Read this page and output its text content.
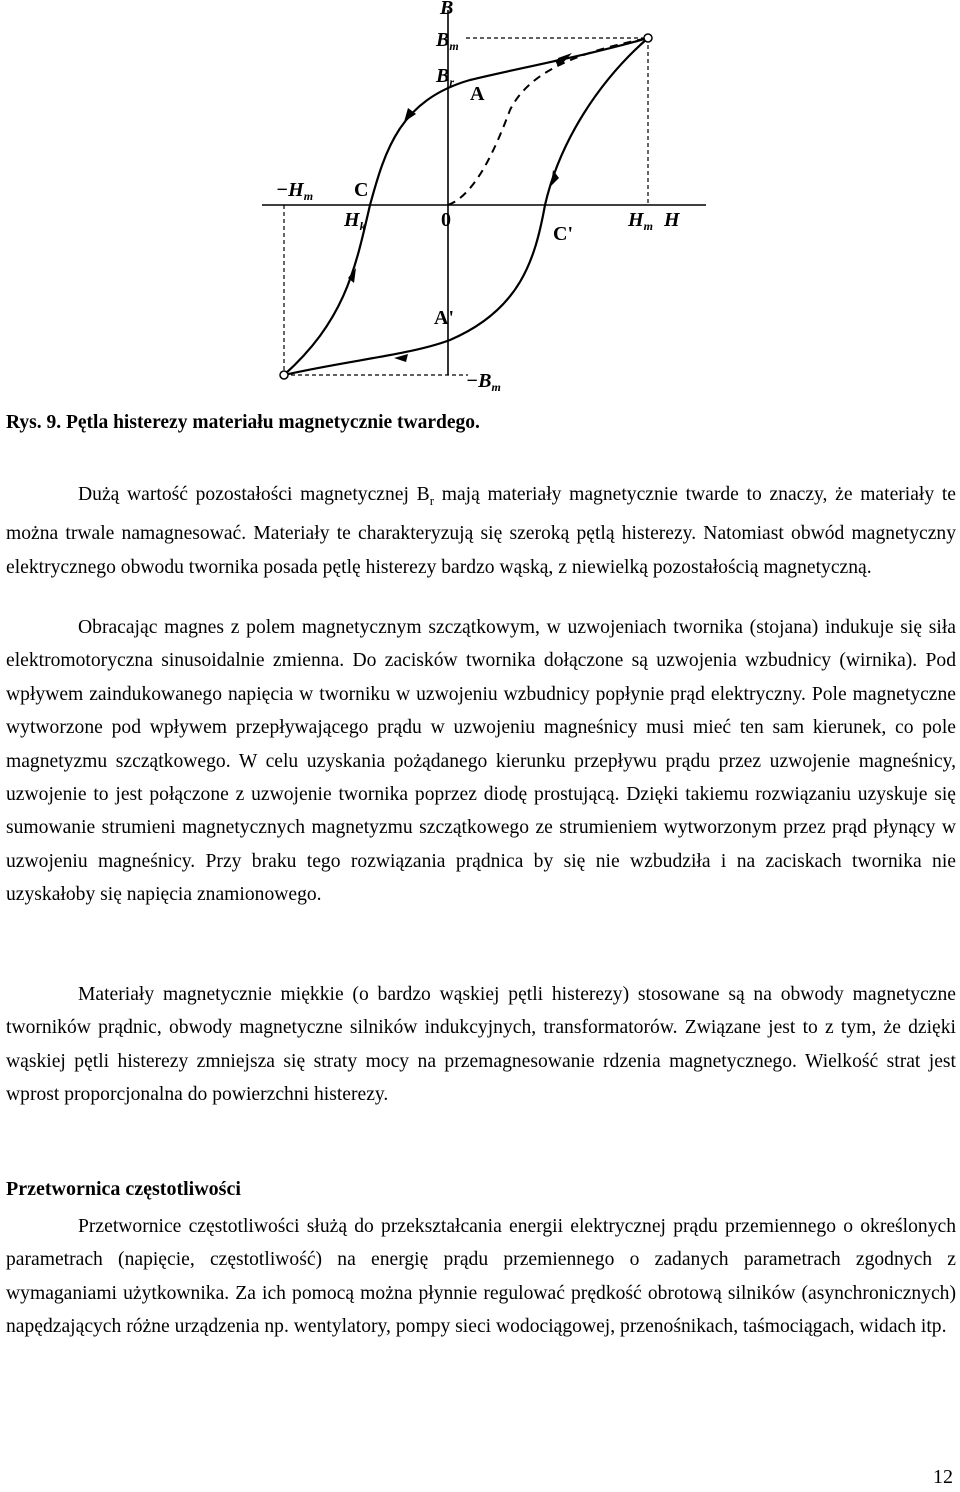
B
$B_m$
$B_r$
A
C
$-H_m$
$H_k$	0
C'
$H_m$ H
A'
$-B_m$
Rys. 9. Pętla histerezy materiału magnetycznie twardego.

Dużą wartość pozostałości magnetycznej $B_r$ mają materiały magnetycznie twarde to znaczy, że materiały te można trwale namagnesować. Materiały te charakteryzują się szeroką pętlą histerezy. Natomiast obwód magnetyczny elektrycznego obwodu twornika posada pętlę histerezy bardzo wąską, z niewielką pozostałością magnetyczną.

Obracając magnes z polem magnetycznym szczątkowym, w uzwojeniach twornika (stojana) indukuje się siła elektromotoryczna sinusoidalnie zmienna. Do zacisków twornika dołączone są uzwojenia wzbudnicy (wirnika). Pod wpływem zaindukowanego napięcia w tworniku w uzwojeniu wzbudnicy popłynie prąd elektryczny. Pole magnetyczne wytworzone pod wpływem przepływającego prądu w uzwojeniu magneśnicy musi mieć ten sam kierunek, co pole magnetyzmu szczątkowego. W celu uzyskania pożądanego kierunku przepływu prądu przez uzwojenie magneśnicy, uzwojenie to jest połączone z uzwojenie twornika poprzez diodę prostującą. Dzięki takiemu rozwiązaniu uzyskuje się sumowanie strumieni magnetycznych magnetyzmu szczątkowego ze strumieniem wytworzonym przez prąd płynący w uzwojeniu magneśnicy. Przy braku tego rozwiązania prądnica by się nie wzbudziła i na zaciskach twornika nie uzyskałoby się napięcia znamionowego.

Materiały magnetycznie miękkie (o bardzo wąskiej pętli histerezy) stosowane są na obwody magnetyczne tworników prądnic, obwody magnetyczne silników indukcyjnych, transformatorów. Związane jest to z tym, że dzięki wąskiej pętli histerezy zmniejsza się straty mocy na przemagnesowanie rdzenia magnetycznego. Wielkość strat jest wprost proporcjonalna do powierzchni histerezy.

Przetwornica częstotliwości

Przetwornice częstotliwości służą do przekształcania energii elektrycznej prądu przemiennego o określonych parametrach (napięcie, częstotliwość) na energię prądu przemiennego o zadanych parametrach zgodnych z wymaganiami użytkownika. Za ich pomocą można płynnie regulować prędkość obrotową silników (asynchronicznych) napędzających różne urządzenia np. wentylatory, pompy sieci wodociągowej, przenośnikach, taśmociągach, widach itp.

12
